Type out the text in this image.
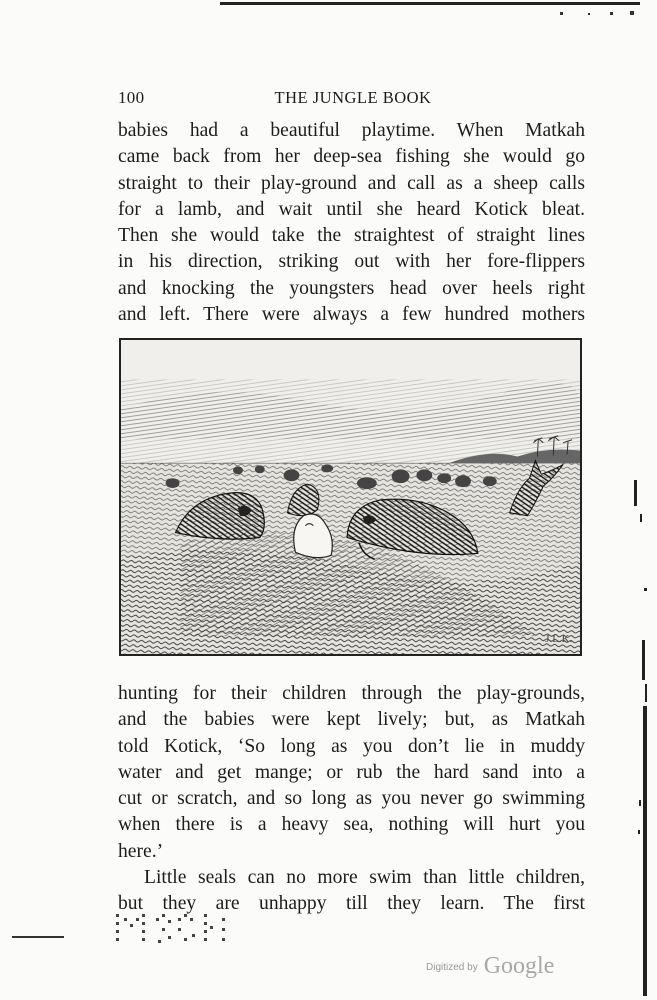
100	THE JUNGLE BOOK
babies had a beautiful playtime. When Matkah
came back from her deep-sea fishing she would go
straight to their play-ground and call as a sheep calls
for a lamb, and wait until she heard Kotick bleat.
Then she would take the straightest of straight lines
in his direction, striking out with her fore-flippers
and knocking the youngsters head over heels right
and left. There were always a few hundred mothers
J.L.K.
hunting for their children through the play-grounds,
and the babies were kept lively; but, as Matkah
told Kotick, ‘So long as you don’t lie in muddy
water and get mange; or rub the hard sand into a
cut or scratch, and so long as you never go swimming
when there is a heavy sea, nothing will hurt you
here.’
Little seals can no more swim than little children,
but they are unhappy till they learn. The first
Digitized by Google
